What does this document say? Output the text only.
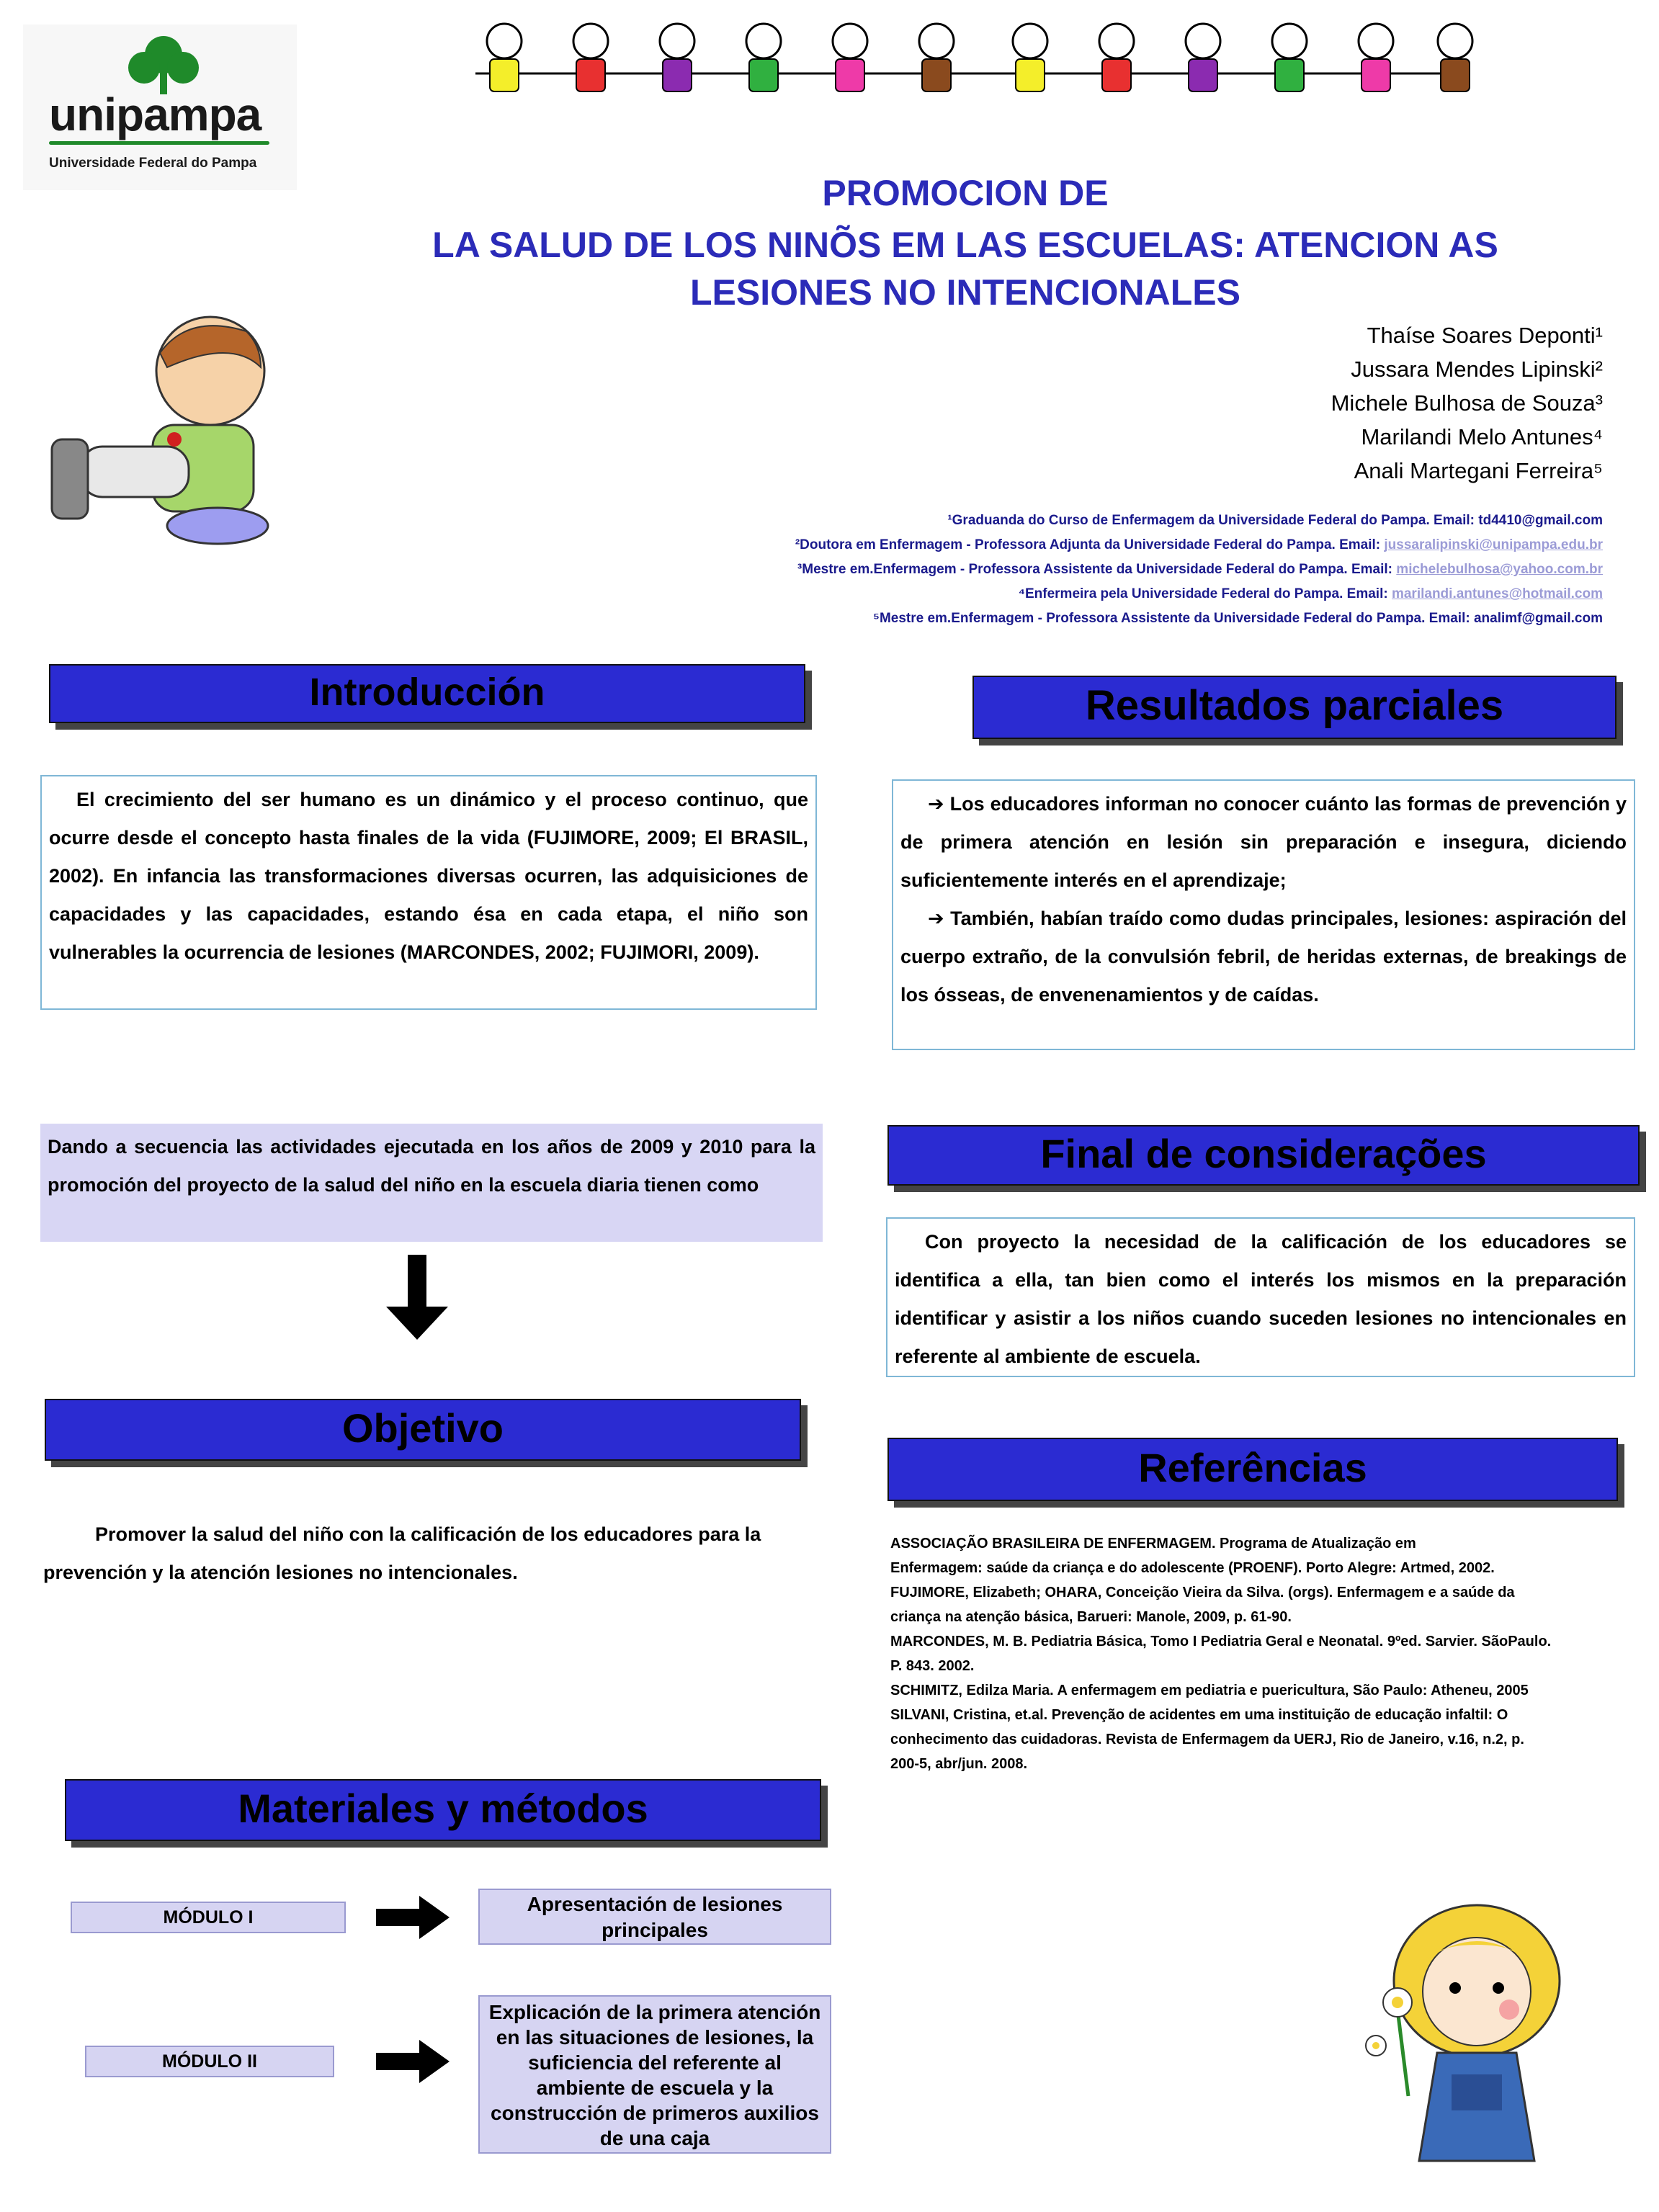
unipampa
Universidade Federal do Pampa
PROMOCION DE
LA SALUD DE LOS NINÕS EM LAS ESCUELAS: ATENCION AS
LESIONES NO INTENCIONALES
Thaíse Soares Deponti¹
Jussara Mendes Lipinski²
Michele Bulhosa de Souza³
Marilandi Melo Antunes⁴
Anali Martegani Ferreira⁵
¹Graduanda do Curso de Enfermagem da Universidade Federal do Pampa. Email: td4410@gmail.com
²Doutora em Enfermagem - Professora Adjunta da Universidade Federal do Pampa. Email: jussaralipinski@unipampa.edu.br
³Mestre em.Enfermagem - Professora Assistente da Universidade Federal do Pampa. Email: michelebulhosa@yahoo.com.br
⁴Enfermeira pela Universidade Federal do Pampa. Email: marilandi.antunes@hotmail.com
⁵Mestre em.Enfermagem - Professora Assistente da Universidade Federal do Pampa. Email: analimf@gmail.com
Introducción
El crecimiento del ser humano es un dinámico y el proceso continuo, que ocurre desde el concepto hasta finales de la vida (FUJIMORE, 2009; El BRASIL, 2002). En infancia las transformaciones diversas ocurren, las adquisiciones de capacidades y las capacidades, estando ésa en cada etapa, el niño son vulnerables la ocurrencia de lesiones (MARCONDES, 2002; FUJIMORI, 2009).
Dando a secuencia las actividades ejecutada en los años de 2009 y 2010 para la promoción del proyecto de la salud del niño en la escuela diaria tienen como
Objetivo
Promover la salud del niño con la calificación de los educadores para la prevención y la atención lesiones no intencionales.
Materiales y métodos
MÓDULO I
Apresentación de lesiones principales
MÓDULO II
Explicación de la primera atención en las situaciones de lesiones, la suficiencia del referente al ambiente de escuela y la construcción de primeros auxilios de una caja
Resultados parciales
➔ Los educadores informan no conocer cuánto las formas de prevención y de primera atención en lesión sin preparación e insegura, diciendo suficientemente interés en el aprendizaje;
➔ También, habían traído como dudas principales, lesiones: aspiración del cuerpo extraño, de la convulsión febril, de heridas externas, de breakings de los ósseas, de envenenamientos y de caídas.
Final de considerações
Con proyecto la necesidad de la calificación de los educadores se identifica a ella, tan bien como el interés los mismos en la preparación identificar y asistir a los niños cuando suceden lesiones no intencionales en referente al ambiente de escuela.
Referências

ASSOCIAÇÃO BRASILEIRA DE ENFERMAGEM. Programa de Atualização em

Enfermagem: saúde da criança e do adolescente (PROENF). Porto Alegre: Artmed, 2002.

FUJIMORE, Elizabeth; OHARA, Conceição Vieira da Silva. (orgs). Enfermagem e a saúde da

criança na atenção básica, Barueri: Manole, 2009, p. 61-90.

MARCONDES, M. B. Pediatria Básica, Tomo I Pediatria Geral e Neonatal. 9ºed. Sarvier. SãoPaulo.

P. 843. 2002.

SCHIMITZ, Edilza Maria. A enfermagem em pediatria e puericultura, São Paulo: Atheneu, 2005

SILVANI, Cristina, et.al. Prevenção de acidentes em uma instituição de educação infaltil: O

conhecimento das cuidadoras. Revista de Enfermagem da UERJ, Rio de Janeiro, v.16, n.2, p.

200-5, abr/jun. 2008.
